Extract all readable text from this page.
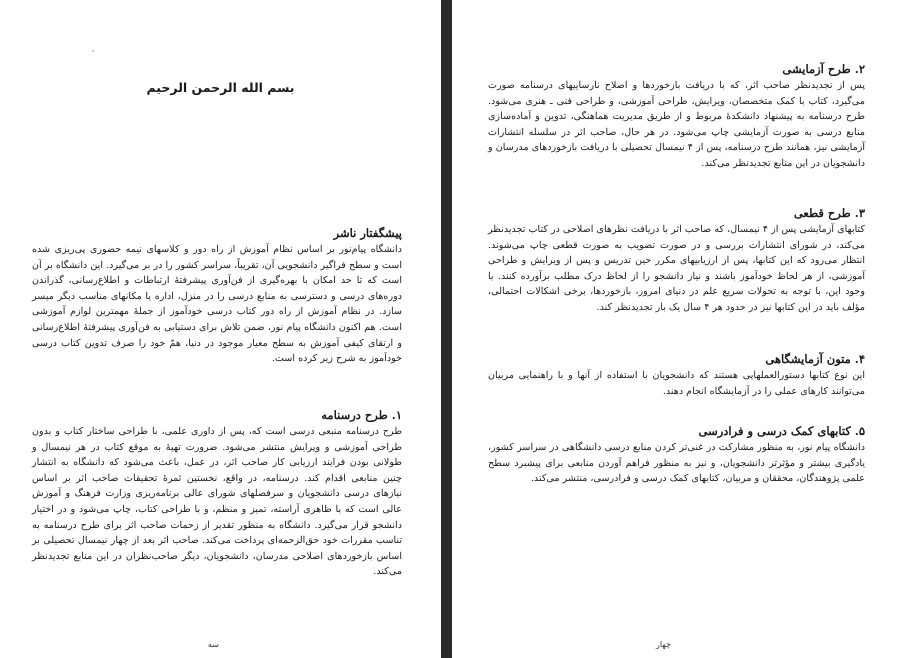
بسم الله الرحمن الرحيم
پیشگفتار ناشر

دانشگاه پیام‌نور بر اساس نظام آموزش از راه دور و کلاسهای نیمه حضوری پی‌ریزی شده است و سطح فراگیر دانشجویی آن، تقریباً، سراسر کشور را در بر می‌گیرد. این دانشگاه بر آن است که تا حد امکان با بهره‌گیری از فن‌آوری پیشرفتهٔ ارتباطات و اطلاع‌رسانی، گذراندن دوره‌های درسی و دسترسی به منابع درسی را در منزل، اداره یا مکانهای مناسب دیگر میسر سازد. در نظام آموزش از راه دور کتاب درسی خودآموز از جملهٔ مهمترین لوازم آموزشی است. هم اکنون دانشگاه پیام نور، ضمن تلاش برای دستیابی به فن‌آوری پیشرفتهٔ اطلاع‌رسانی و ارتقای کیفی آموزش به سطح معیار موجود در دنیا، همّ خود را صرف تدوین کتاب درسی خودآموز به شرح زیر کرده است.

۱. طرح درسنامه

طرح درسنامه منبعی درسی است که، پس از داوری علمی، با طراحی ساختار کتاب و بدون طراحی آموزشی و ویرایش منتشر می‌شود. ضرورت تهیهٔ به موقع کتاب در هر نیمسال و طولانی بودن فرایند ارزیابی کار صاحب اثر، در عمل، باعث می‌شود که دانشگاه به انتشار چنین منابعی اقدام کند. درسنامه، در واقع، نخستین ثمرهٔ تحقیقات صاحب اثر بر اساس نیازهای درسی دانشجویان و سرفصلهای شورای عالی برنامه‌ریزی وزارت فرهنگ و آموزش عالی است که با ظاهری آراسته، تمیز و منظم، و با طراحی کتاب، چاپ می‌شود و در اختیار دانشجو قرار می‌گیرد. دانشگاه به منظور تقدیر از زحمات صاحب اثر برای طرح درسنامه به تناسب مقررات خود حق‌الزحمه‌ای پرداخت می‌کند. صاحب اثر بعد از چهار نیمسال تحصیلی بر اساس بازخوردهای اصلاحی مدرسان، دانشجویان، دیگر صاحب‌نظران در این منابع تجدیدنظر می‌کند.

سه
۲. طرح آزمایشی

پس از تجدیدنظر صاحب اثر، که با دریافت بازخوردها و اصلاح نارساییهای درسنامه صورت می‌گیرد، کتاب با کمک متخصصان، ویرایش، طراحی آموزشی، و طراحی فنی ـ هنری می‌شود. طرح درسنامه به پیشنهاد دانشکدهٔ مربوط و از طریق مدیریت هماهنگی، تدوین و آماده‌سازی منابع درسی به صورت آزمایشی چاپ می‌شود. در هر حال، صاحب اثر در سلسله انتشارات آزمایشی نیز، همانند طرح درسنامه، پس از ۴ نیمسال تحصیلی با دریافت بازخوردهای مدرسان و دانشجویان در این منابع تجدیدنظر می‌کند.

۳. طرح قطعی

کتابهای آزمایشی پس از ۴ نیمسال، که صاحب اثر با دریافت نظرهای اصلاحی در کتاب تجدیدنظر می‌کند، در شورای انتشارات بررسی و در صورت تصویب به صورت قطعی چاپ می‌شوند. انتظار می‌رود که این کتابها، پس از ارزیابیهای مکرر حین تدریس و پس از ویرایش و طراحی آموزشی، از هر لحاظ خودآموز باشند و نیاز دانشجو را از لحاظ درک مطلب برآورده کنند. با وجود این، با توجه به تحولات سریع علم در دنیای امروز، بازخوردها، برخی اشکالات احتمالی، مؤلف باید در این کتابها نیز در حدود هر ۴ سال یک بار تجدیدنظر کند.

۴. متون آزمایشگاهی

این نوع کتابها دستورالعملهایی هستند که دانشجویان با استفاده از آنها و با راهنمایی مربیان می‌توانند کارهای عملی را در آزمایشگاه انجام دهند.

۵. کتابهای کمک درسی و فرادرسی

دانشگاه پیام نور، به منظور مشارکت در غنی‌تر کردن منابع درسی دانشگاهی در سراسر کشور، یادگیری بیشتر و مؤثرتر دانشجویان، و نیز به منظور فراهم آوردن منابعی برای پیشبرد سطح علمی پژوهندگان، محققان و مربیان، کتابهای کمک درسی و فرادرسی، منتشر می‌کند.

چهار
